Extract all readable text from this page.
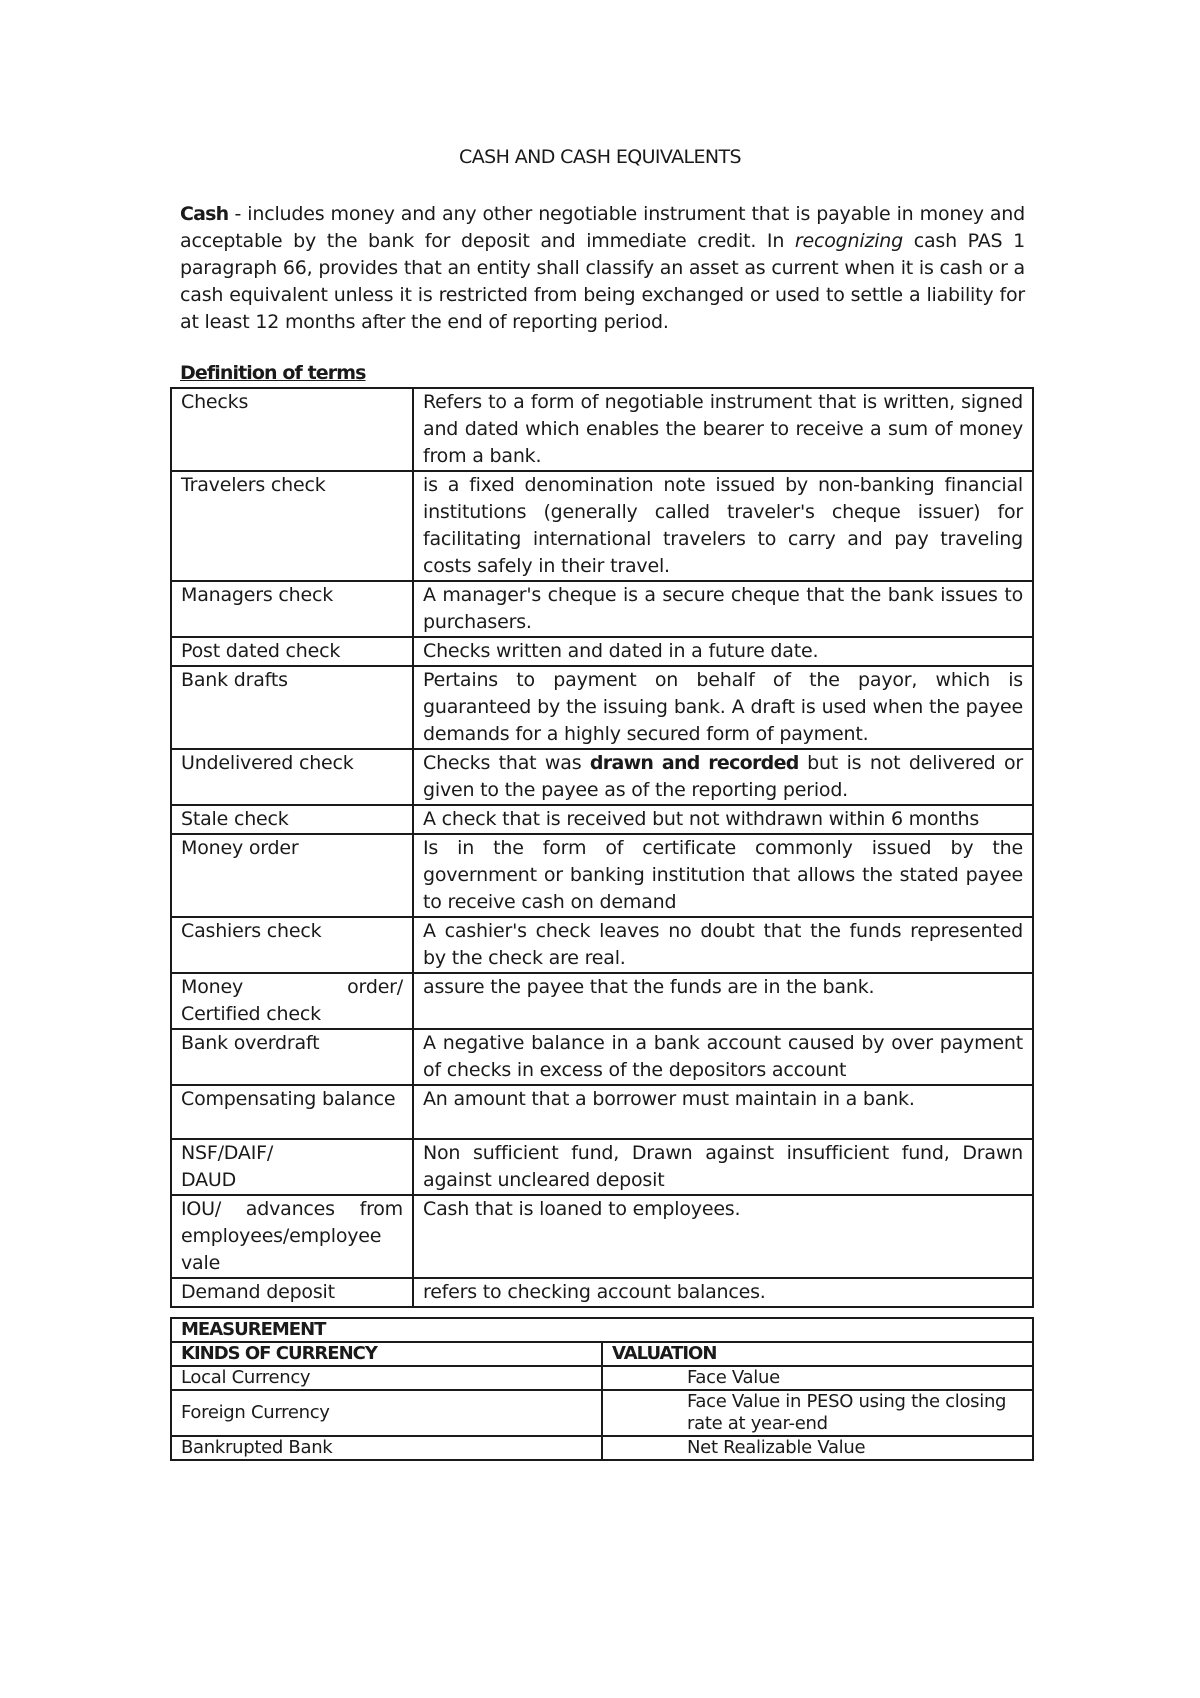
CASH AND CASH EQUIVALENTS
Cash - includes money and any other negotiable instrument that is payable in money and acceptable by the bank for deposit and immediate credit. In recognizing cash PAS 1 paragraph 66, provides that an entity shall classify an asset as current when it is cash or a cash equivalent unless it is restricted from being exchanged or used to settle a liability for at least 12 months after the end of reporting period.
Definition of terms
Checks	Refers to a form of negotiable instrument that is written, signed and dated which enables the bearer to receive a sum of money from a bank.
Travelers check	is a fixed denomination note issued by non-banking financial institutions (generally called traveler's cheque issuer) for facilitating international travelers to carry and pay traveling costs safely in their travel.
Managers check	A manager's cheque is a secure cheque that the bank issues to purchasers.
Post dated check	Checks written and dated in a future date.
Bank drafts	Pertains to payment on behalf of the payor, which is guaranteed by the issuing bank. A draft is used when the payee demands for a highly secured form of payment.
Undelivered check	Checks that was drawn and recorded but is not delivered or given to the payee as of the reporting period.
Stale check	A check that is received but not withdrawn within 6 months
Money order	Is in the form of certificate commonly issued by the government or banking institution that allows the stated payee to receive cash on demand
Cashiers check	A cashier's check leaves no doubt that the funds represented by the check are real.
Money order/
Certified check	assure the payee that the funds are in the bank.
Bank overdraft	A negative balance in a bank account caused by over payment of checks in excess of the depositors account
Compensating balance	An amount that a borrower must maintain in a bank.
NSF/DAIF/ DAUD	Non sufficient fund, Drawn against insufficient fund, Drawn against uncleared deposit
IOU/ advances from employees/employee
vale	Cash that is loaned to employees.
Demand deposit	refers to checking account balances.
MEASUREMENT	
KINDS OF CURRENCY	VALUATION
Local Currency	Face Value
Foreign Currency	Face Value in PESO using the closing rate at year-end
Bankrupted Bank	Net Realizable Value
